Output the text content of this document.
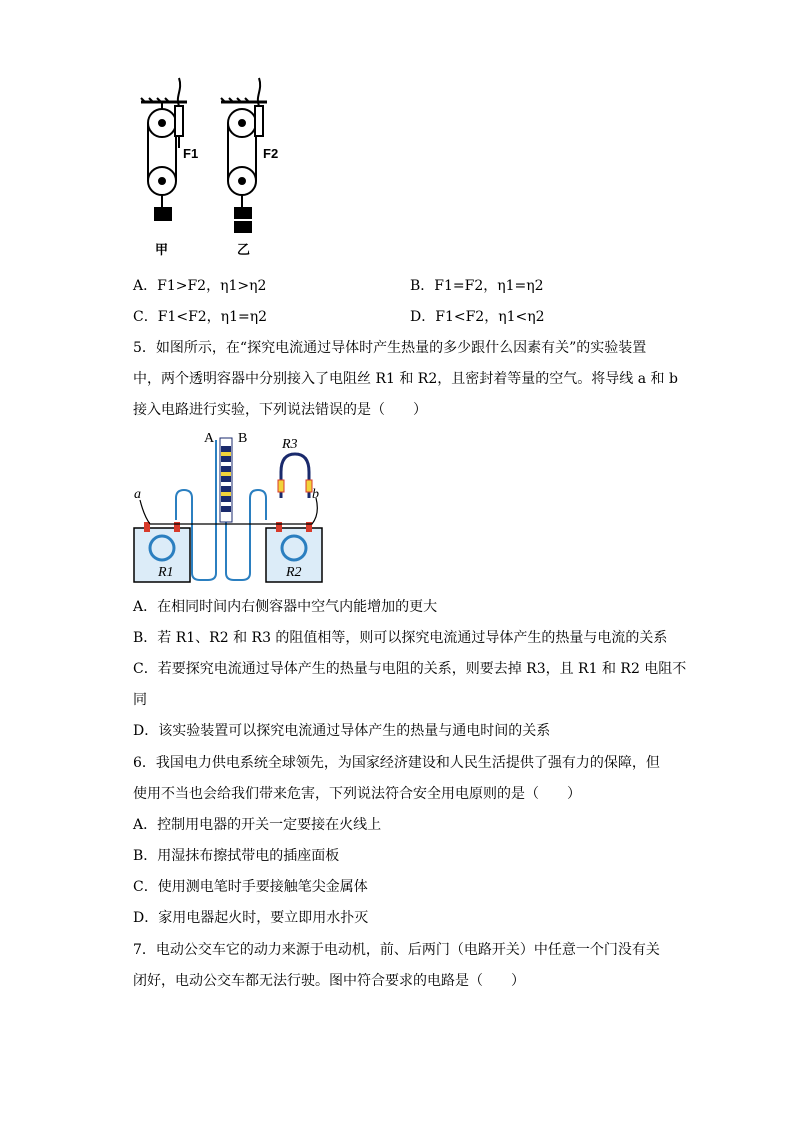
F1
甲
F2
乙
A．F1>F2，η1>η2	B．F1=F2，η1=η2
C．F1<F2，η1=η2	D．F1<F2，η1<η2
5．如图所示，在“探究电流通过导体时产生热量的多少跟什么因素有关”的实验装置
中，两个透明容器中分别接入了电阻丝 R1 和 R2，且密封着等量的空气。将导线 a 和 b
接入电路进行实验，下列说法错误的是（　　）
A B
R1	R2
R3
a	b
A．在相同时间内右侧容器中空气内能增加的更大
B．若 R1、R2 和 R3 的阻值相等，则可以探究电流通过导体产生的热量与电流的关系
C．若要探究电流通过导体产生的热量与电阻的关系，则要去掉 R3，且 R1 和 R2 电阻不
同
D．该实验装置可以探究电流通过导体产生的热量与通电时间的关系
6．我国电力供电系统全球领先，为国家经济建设和人民生活提供了强有力的保障，但
使用不当也会给我们带来危害，下列说法符合安全用电原则的是（　　）
A．控制用电器的开关一定要接在火线上
B．用湿抹布擦拭带电的插座面板
C．使用测电笔时手要接触笔尖金属体
D．家用电器起火时，要立即用水扑灭
7．电动公交车它的动力来源于电动机，前、后两门（电路开关）中任意一个门没有关
闭好，电动公交车都无法行驶。图中符合要求的电路是（　　）
